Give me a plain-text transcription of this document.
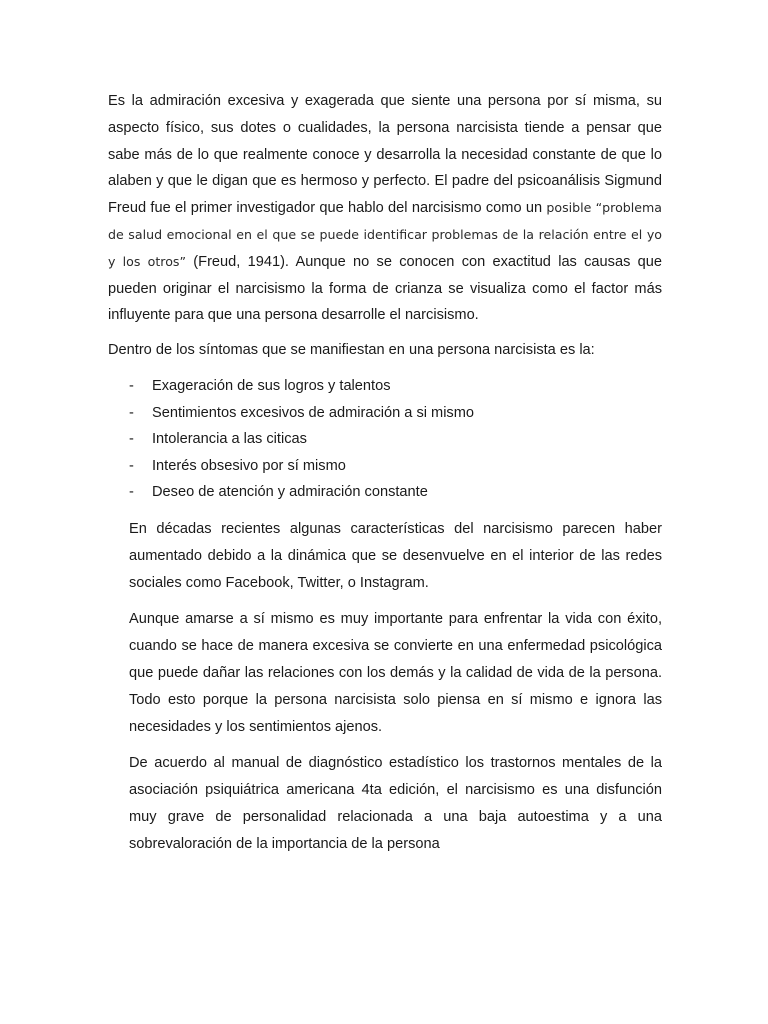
Es la admiración excesiva y exagerada que siente una persona por sí misma, su aspecto físico, sus dotes o cualidades, la persona narcisista tiende a pensar que sabe más de lo que realmente conoce y desarrolla la necesidad constante de que lo alaben y que le digan que es hermoso y perfecto. El padre del psicoanálisis Sigmund Freud fue el primer investigador que hablo del narcisismo como un posible “problema de salud emocional en el que se puede identificar problemas de la relación entre el yo y los otros” (Freud, 1941). Aunque no se conocen con exactitud las causas que pueden originar el narcisismo la forma de crianza se visualiza como el factor más influyente para que una persona desarrolle el narcisismo.

Dentro de los síntomas que se manifiestan en una persona narcisista es la:

- Exageración de sus logros y talentos
- Sentimientos excesivos de admiración a si mismo
- Intolerancia a las citicas
- Interés obsesivo por sí mismo
- Deseo de atención y admiración constante

En décadas recientes algunas características del narcisismo parecen haber aumentado debido a la dinámica que se desenvuelve en el interior de las redes sociales como Facebook, Twitter, o Instagram.

Aunque amarse a sí mismo es muy importante para enfrentar la vida con éxito, cuando se hace de manera excesiva se convierte en una enfermedad psicológica que puede dañar las relaciones con los demás y la calidad de vida de la persona. Todo esto porque la persona narcisista solo piensa en sí mismo e ignora las necesidades y los sentimientos ajenos.

De acuerdo al manual de diagnóstico estadístico los trastornos mentales de la asociación psiquiátrica americana 4ta edición, el narcisismo es una disfunción muy grave de personalidad relacionada a una baja autoestima y a una sobrevaloración de la importancia de la persona
